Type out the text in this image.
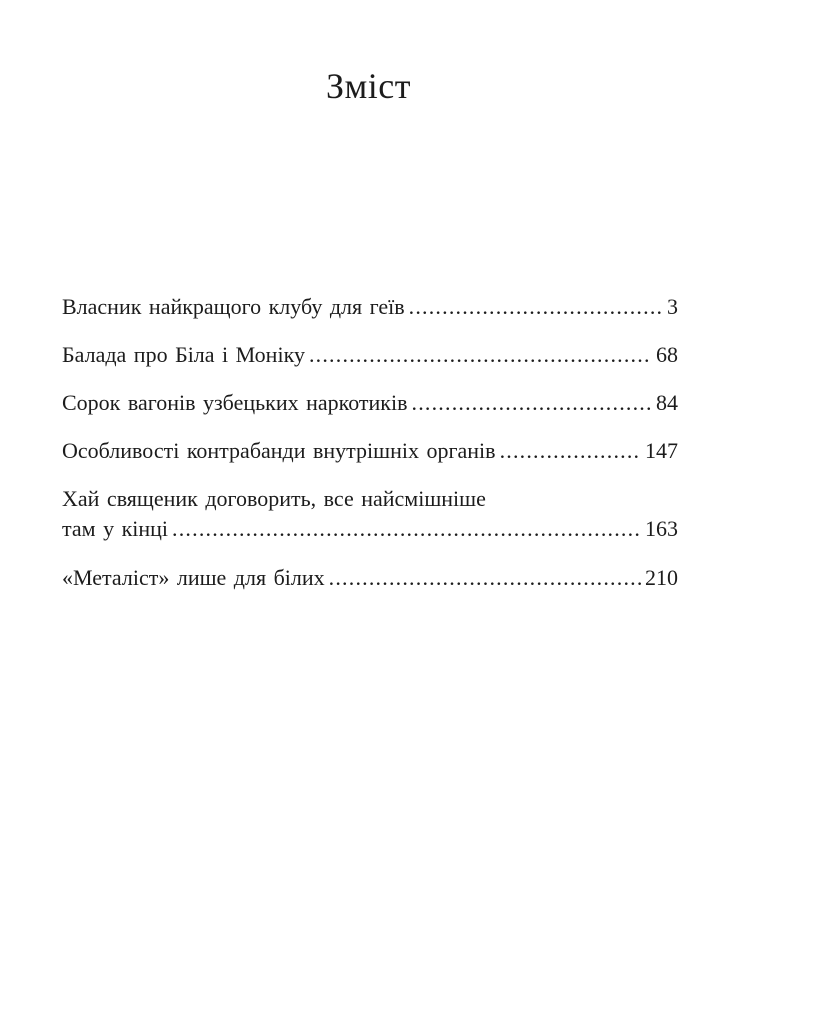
Зміст
Власник найкращого клубу для геїв .....	3
Балада про Біла і Моніку .....	68
Сорок вагонів узбецьких наркотиків .....	84
Особливості контрабанди внутрішніх органів .....	147
Хай священик договорить, все найсмішніше
там у кінці .....	163
«Металіст» лише для білих .....	210
